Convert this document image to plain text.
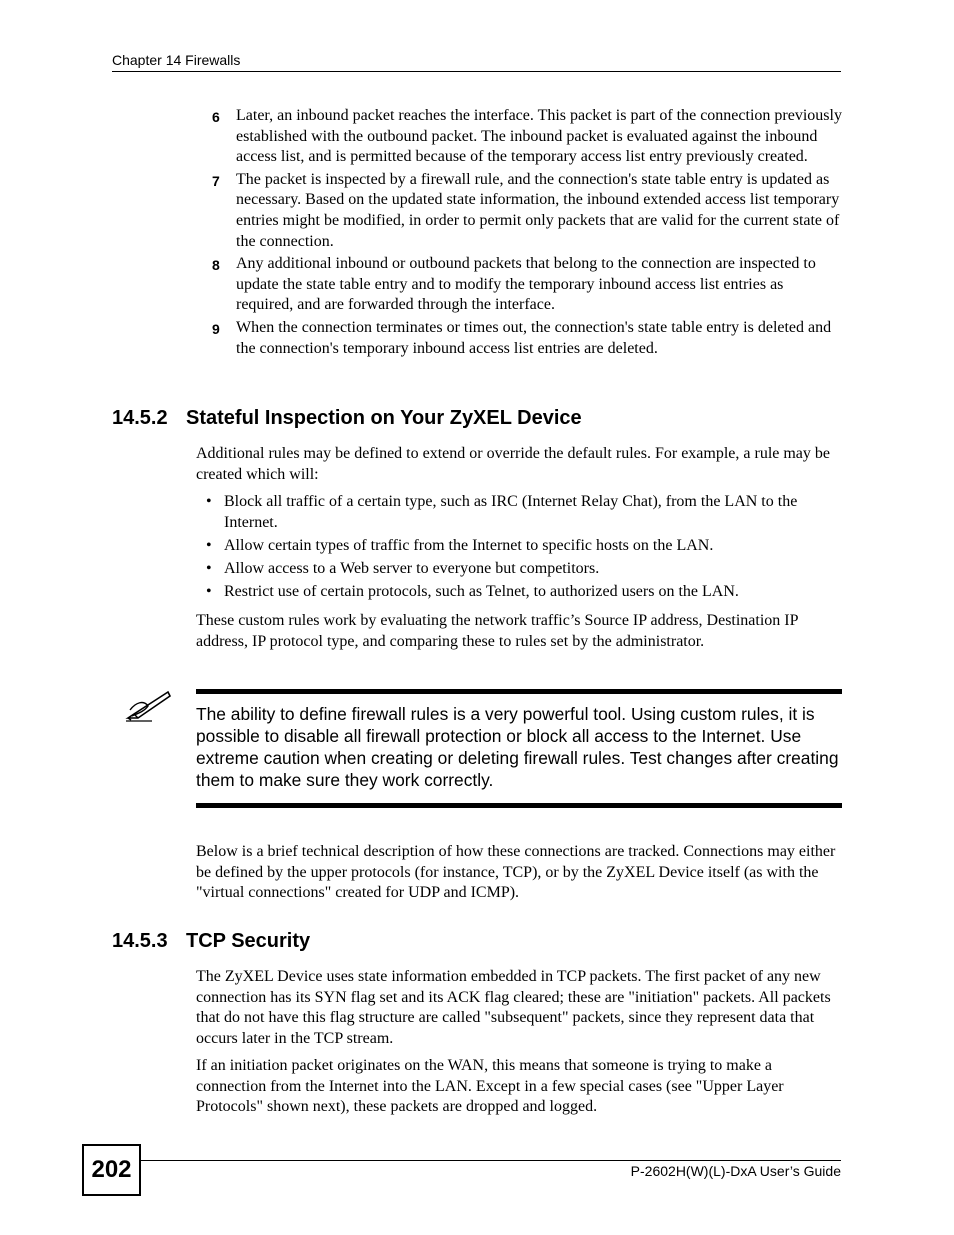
Chapter 14 Firewalls
6	Later, an inbound packet reaches the interface. This packet is part of the connection previously established with the outbound packet. The inbound packet is evaluated against the inbound access list, and is permitted because of the temporary access list entry previously created.
7	The packet is inspected by a firewall rule, and the connection's state table entry is updated as necessary. Based on the updated state information, the inbound extended access list temporary entries might be modified, in order to permit only packets that are valid for the current state of the connection.
8	Any additional inbound or outbound packets that belong to the connection are inspected to update the state table entry and to modify the temporary inbound access list entries as required, and are forwarded through the interface.
9	When the connection terminates or times out, the connection's state table entry is deleted and the connection's temporary inbound access list entries are deleted.
14.5.2 Stateful Inspection on Your ZyXEL Device
Additional rules may be defined to extend or override the default rules. For example, a rule may be created which will:
• Block all traffic of a certain type, such as IRC (Internet Relay Chat), from the LAN to the Internet.
• Allow certain types of traffic from the Internet to specific hosts on the LAN.
• Allow access to a Web server to everyone but competitors.
• Restrict use of certain protocols, such as Telnet, to authorized users on the LAN.
These custom rules work by evaluating the network traffic’s Source IP address, Destination IP address, IP protocol type, and comparing these to rules set by the administrator.
The ability to define firewall rules is a very powerful tool. Using custom rules, it is possible to disable all firewall protection or block all access to the Internet. Use extreme caution when creating or deleting firewall rules. Test changes after creating them to make sure they work correctly.
Below is a brief technical description of how these connections are tracked. Connections may either be defined by the upper protocols (for instance, TCP), or by the ZyXEL Device itself (as with the "virtual connections" created for UDP and ICMP).
14.5.3 TCP Security
The ZyXEL Device uses state information embedded in TCP packets. The first packet of any new connection has its SYN flag set and its ACK flag cleared; these are "initiation" packets. All packets that do not have this flag structure are called "subsequent" packets, since they represent data that occurs later in the TCP stream.
If an initiation packet originates on the WAN, this means that someone is trying to make a connection from the Internet into the LAN. Except in a few special cases (see "Upper Layer Protocols" shown next), these packets are dropped and logged.
202	P-2602H(W)(L)-DxA User’s Guide
